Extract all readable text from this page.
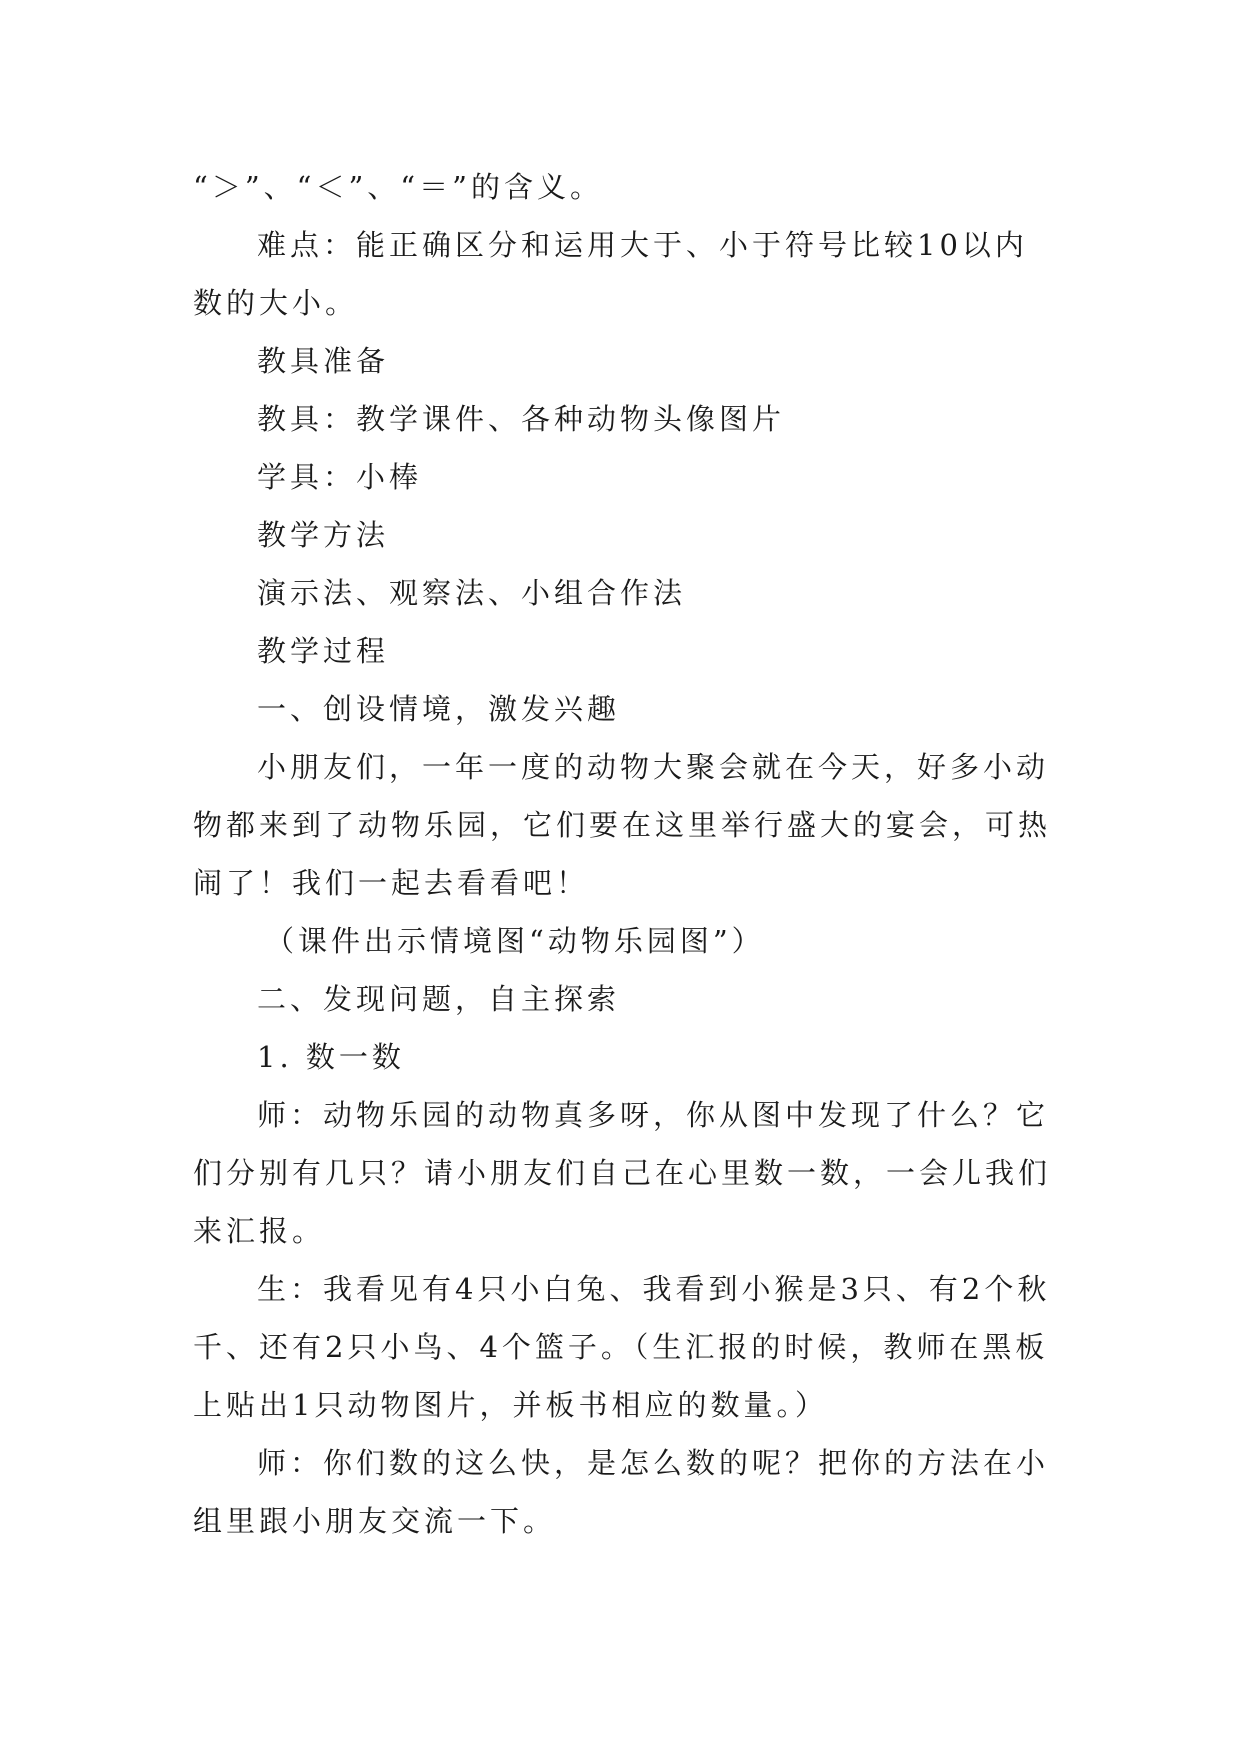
“＞”、“＜”、“＝”的含义。

难点：能正确区分和运用大于、小于符号比较10以内数的大小。

教具准备

教具：教学课件、各种动物头像图片

学具：小棒

教学方法

演示法、观察法、小组合作法

教学过程

一、创设情境，激发兴趣

小朋友们，一年一度的动物大聚会就在今天，好多小动物都来到了动物乐园，它们要在这里举行盛大的宴会，可热闹了！我们一起去看看吧！

（课件出示情境图“动物乐园图”）

二、发现问题，自主探索

1. 数一数

师：动物乐园的动物真多呀，你从图中发现了什么？它们分别有几只？请小朋友们自己在心里数一数，一会儿我们来汇报。

生：我看见有4只小白兔、我看到小猴是3只、有2个秋千、还有2只小鸟、4个篮子。（生汇报的时候，教师在黑板上贴出1只动物图片，并板书相应的数量。）

师：你们数的这么快，是怎么数的呢？把你的方法在小组里跟小朋友交流一下。
